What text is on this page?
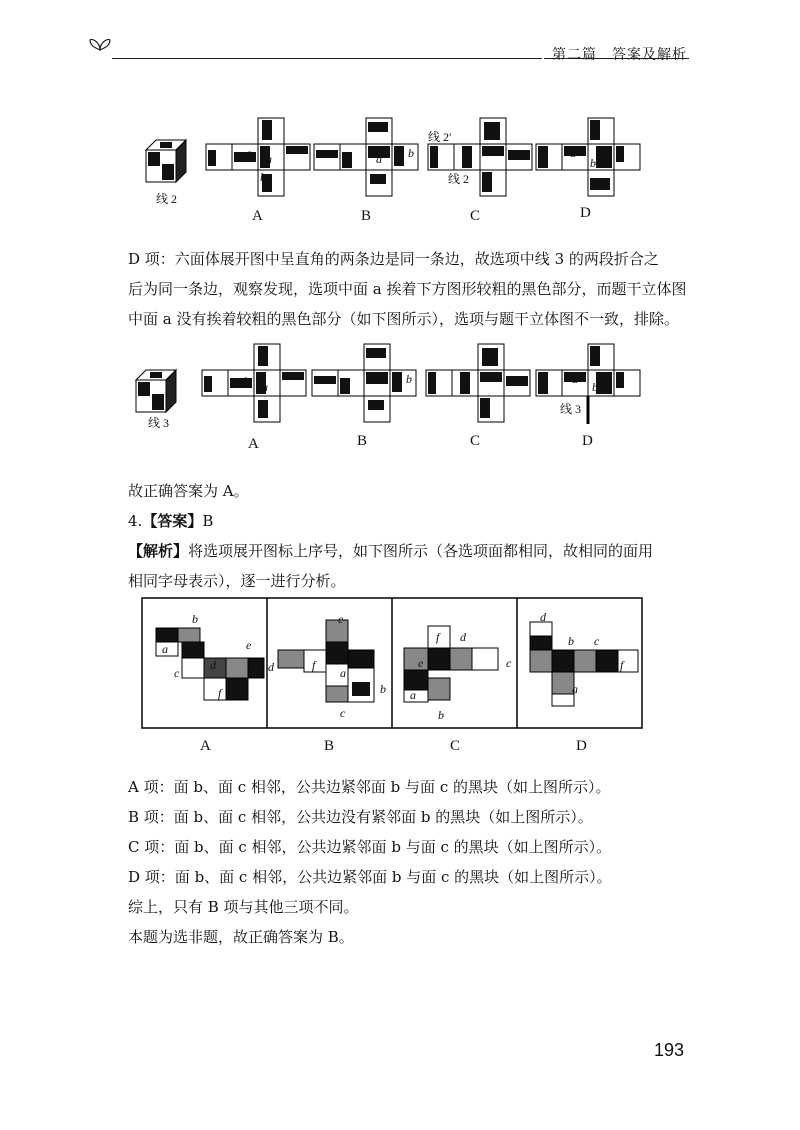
第二篇　答案及解析
a
线 2
c a
b
a b
线 2′	b
d
线 2
a
b
A	B	C	D
D 项：六面体展开图中呈直角的两条边是同一条边，故选项中线 3 的两段折合之
后为同一条边，观察发现，选项中面 a 挨着下方图形较粗的黑色部分，而题干立体图
中面 a 没有挨着较粗的黑色部分（如下图所示），选项与题干立体图不一致，排除。
线 3
c
a
b
a b
b
a	a
b
线 3
A	B	C	D
故正确答案为 A。
4.【答案】B
【解析】将选项展开图标上序号，如下图所示（各选项面都相同，故相同的面用
相同字母表示），逐一进行分析。
b
a	e
c
d
f
e
d	f
a
b
c
f d
e	c
a
b
d
b c
f
a
A	B	C	D
A 项：面 b、面 c 相邻，公共边紧邻面 b 与面 c 的黑块（如上图所示）。
B 项：面 b、面 c 相邻，公共边没有紧邻面 b 的黑块（如上图所示）。
C 项：面 b、面 c 相邻，公共边紧邻面 b 与面 c 的黑块（如上图所示）。
D 项：面 b、面 c 相邻，公共边紧邻面 b 与面 c 的黑块（如上图所示）。
综上，只有 B 项与其他三项不同。
本题为选非题，故正确答案为 B。
193
